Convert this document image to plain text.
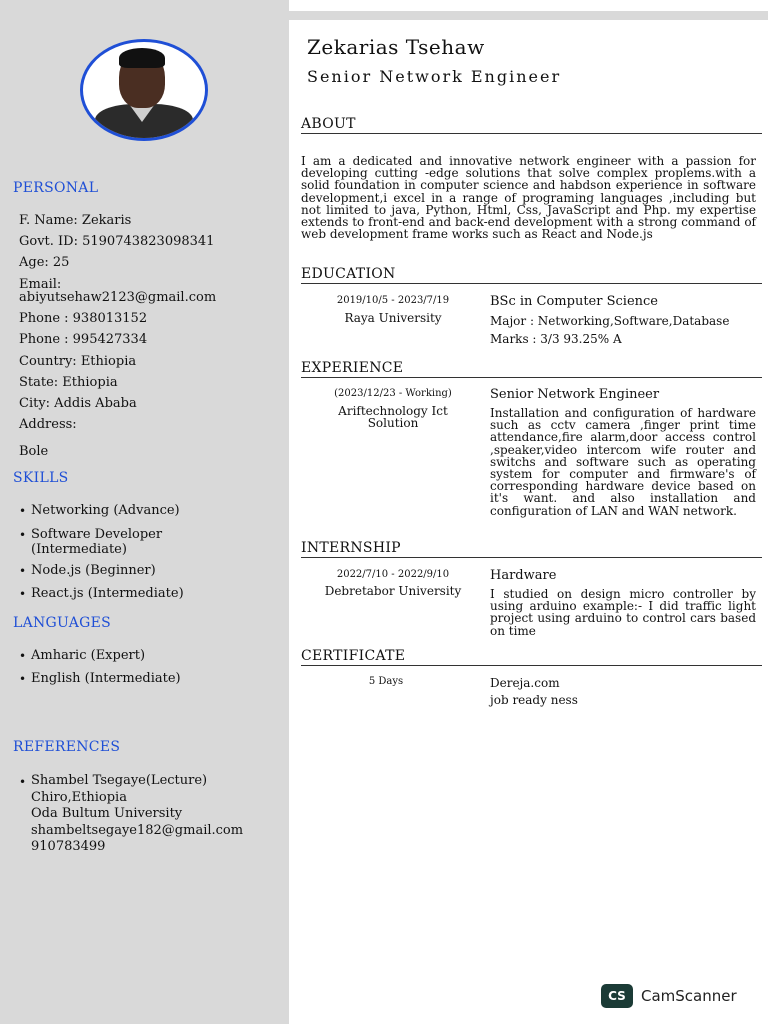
PERSONAL
F. Name: Zekaris
Govt. ID: 5190743823098341
Age: 25
Email:
abiyutsehaw2123@gmail.com
Phone : 938013152
Phone : 995427334
Country: Ethiopia
State: Ethiopia
City: Addis Ababa
Address:
Bole
SKILLS
• Networking (Advance)
• Software Developer
(Intermediate)
• Node.js (Beginner)
• React.js (Intermediate)
LANGUAGES
• Amharic (Expert)
• English (Intermediate)
REFERENCES
• Shambel Tsegaye(Lecture)
Chiro,Ethiopia
Oda Bultum University
shambeltsegaye182@gmail.com
910783499
Zekarias Tsehaw
Senior Network Engineer
ABOUT
I am a dedicated and innovative network engineer with a passion for developing cutting -edge solutions that solve complex proplems.with a solid foundation in computer science and habdson experience in software development,i excel in a range of programing languages ,including but not limited to java, Python, Html, Css, JavaScript and Php. my expertise extends to front-end and back-end development with a strong command of web development frame works such as React and Node.js
EDUCATION
2019/10/5 - 2023/7/19
Raya University
BSc in Computer Science
Major : Networking,Software,Database
Marks : 3/3 93.25% A
EXPERIENCE
(2023/12/23 - Working)
Ariftechnology Ict Solution
Senior Network Engineer
Installation and configuration of hardware such as cctv camera ,finger print time attendance,fire alarm,door access control ,speaker,video intercom wife router and switchs and software such as operating system for computer and firmware's of corresponding hardware device based on it's want. and also installation and configuration of LAN and WAN network.
INTERNSHIP
2022/7/10 - 2022/9/10
Debretabor University
Hardware
I studied on design micro controller by using arduino example:- I did traffic light project using arduino to control cars based on time
CERTIFICATE
5 Days	Dereja.com
job ready ness
CS	CamScanner
